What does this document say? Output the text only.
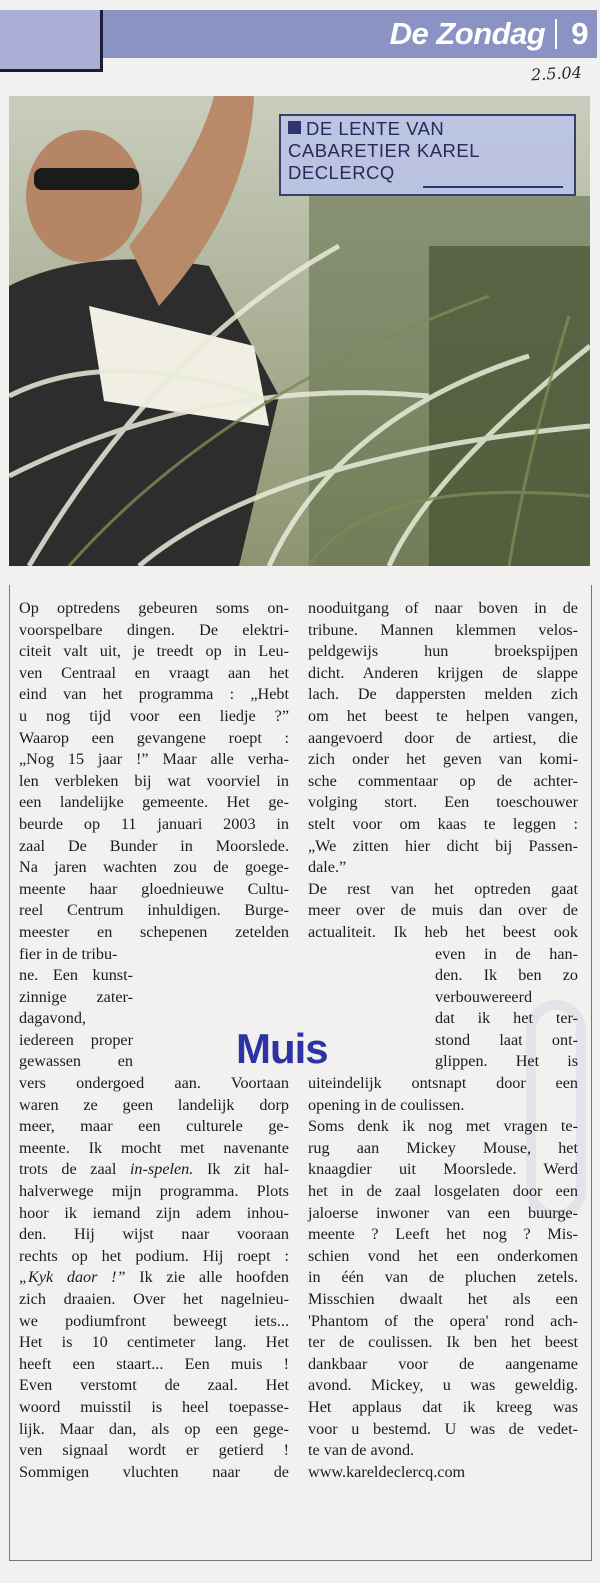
De Zondag 9
2.5.04
DE LENTE VAN CABARETIER KAREL DECLERCQ
Op optredens gebeuren soms on-
voorspelbare dingen. De elektri-
citeit valt uit, je treedt op in Leu-
ven Centraal en vraagt aan het
eind van het programma : „Hebt
u nog tijd voor een liedje ?”
Waarop een gevangene roept :
„Nog 15 jaar !” Maar alle verha-
len verbleken bij wat voorviel in
een landelijke gemeente. Het ge-
beurde op 11 januari 2003 in
zaal De Bunder in Moorslede.
Na jaren wachten zou de goege-
meente haar gloednieuwe Cultu-
reel Centrum inhuldigen. Burge-
meester en schepenen zetelden
fier in de tribu-
ne. Een kunst-
zinnige zater-
dagavond,
iedereen proper
gewassen en
vers ondergoed aan. Voortaan
waren ze geen landelijk dorp
meer, maar een culturele ge-
meente. Ik mocht met navenante
trots de zaal in-spelen. Ik zit hal-
halverwege mijn programma. Plots
hoor ik iemand zijn adem inhou-
den. Hij wijst naar vooraan
rechts op het podium. Hij roept :
„Kyk daor !” Ik zie alle hoofden
zich draaien. Over het nagelnieu-
we podiumfront beweegt iets...
Het is 10 centimeter lang. Het
heeft een staart... Een muis !
Even verstomt de zaal. Het
woord muisstil is heel toepasse-
lijk. Maar dan, als op een gege-
ven signaal wordt er getierd !
Sommigen vluchten naar de
Muis
nooduitgang of naar boven in de
tribune. Mannen klemmen velos-
peldgewijs hun broekspijpen
dicht. Anderen krijgen de slappe
lach. De dappersten melden zich
om het beest te helpen vangen,
aangevoerd door de artiest, die
zich onder het geven van komi-
sche commentaar op de achter-
volging stort. Een toeschouwer
stelt voor om kaas te leggen :
„We zitten hier dicht bij Passen-
dale.”
De rest van het optreden gaat
meer over de muis dan over de
actualiteit. Ik heb het beest ook
even in de han-
den. Ik ben zo
verbouwereerd
dat ik het ter-
stond laat ont-
glippen. Het is
uiteindelijk ontsnapt door een
opening in de coulissen.
Soms denk ik nog met vragen te-
rug aan Mickey Mouse, het
knaagdier uit Moorslede. Werd
het in de zaal losgelaten door een
jaloerse inwoner van een buurge-
meente ? Leeft het nog ? Mis-
schien vond het een onderkomen
in één van de pluchen zetels.
Misschien dwaalt het als een
'Phantom of the opera' rond ach-
ter de coulissen. Ik ben het beest
dankbaar voor de aangename
avond. Mickey, u was geweldig.
Het applaus dat ik kreeg was
voor u bestemd. U was de vedet-
te van de avond.
www.kareldeclercq.com
